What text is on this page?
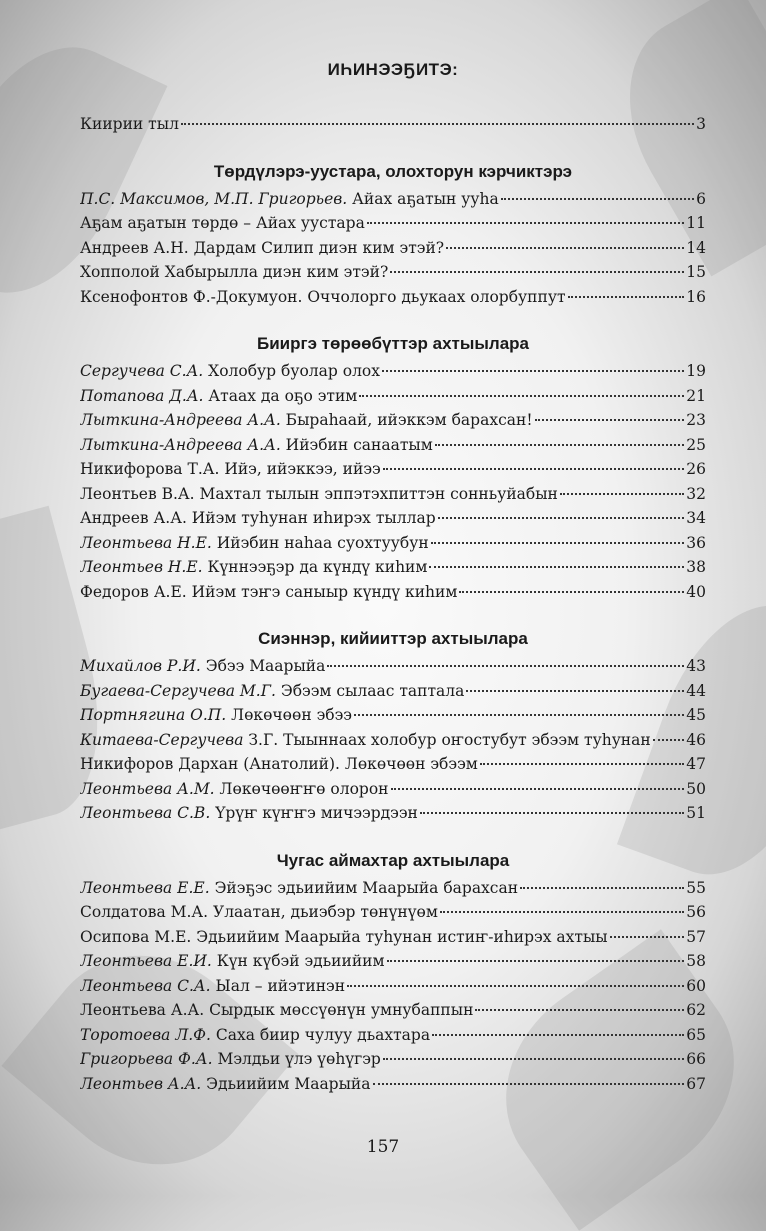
ИҺИНЭЭҔИТЭ:
Киирии тыл	3
Төрдүлэрэ-уустара, олохторун кэрчиктэрэ
П.С. Максимов, М.П. Григорьев. Айах аҕатын ууһа	6
Аҕам аҕатын төрдө – Айах уустара	11
Андреев А.Н. Дардам Силип диэн ким этэй?	14
Хопполой Хабырылла диэн ким этэй?	15
Ксенофонтов Ф.-Докумуон. Оччолорго дьукаах олорбуппут	16
Бииргэ төрөөбүттэр ахтыылара
Сергучева С.А. Холобур буолар олох	19
Потапова Д.А. Атаах да оҕо этим	21
Лыткина-Андреева А.А. Быраһаай, ийэккэм барахсан!	23
Лыткина-Андреева А.А. Ийэбин санаатым	25
Никифорова Т.А. Ийэ, ийэккээ, ийээ	26
Леонтьев В.А. Махтал тылын эппэтэхпиттэн сонньуйабын	32
Андреев А.А. Ийэм туһунан иһирэх тыллар	34
Леонтьева Н.Е. Ийэбин наһаа суохтуубун	36
Леонтьев Н.Е. Күннээҕэр да күндү киһим	38
Федоров А.Е. Ийэм тэҥэ саныыр күндү киһим	40
Сиэннэр, кийииттэр ахтыылара
Михайлов Р.И. Эбээ Маарыйа	43
Бугаева-Сергучева М.Г. Эбээм сылаас таптала	44
Портнягина О.П. Лөкөчөөн эбээ	45
Китаева-Сергучева З.Г. Тыыннаах холобур оҥостубут эбээм туһунан 46
Никифоров Дархан (Анатолий). Лөкөчөөн эбээм	47
Леонтьева А.М. Лөкөчөөҥҥө олорон	50
Леонтьева С.В. Үрүҥ күҥҥэ мичээрдээн	51
Чугас аймахтар ахтыылара
Леонтьева Е.Е. Эйэҕэс эдьиийим Маарыйа барахсан	55
Солдатова М.А. Улаатан, дьиэбэр төнүнүөм	56
Осипова М.Е. Эдьиийим Маарыйа туһунан истиҥ-иһирэх ахтыы	57
Леонтьева Е.И. Күн күбэй эдьиийим	58
Леонтьева С.А. Ыал – ийэтинэн	60
Леонтьева А.А. Сырдык мөссүөнүн умнубаппын	62
Торотоева Л.Ф. Саха биир чулуу дьахтара	65
Григорьева Ф.А. Мэлдьи үлэ үөһүгэр	66
Леонтьев А.А. Эдьиийим Маарыйа	67
157
